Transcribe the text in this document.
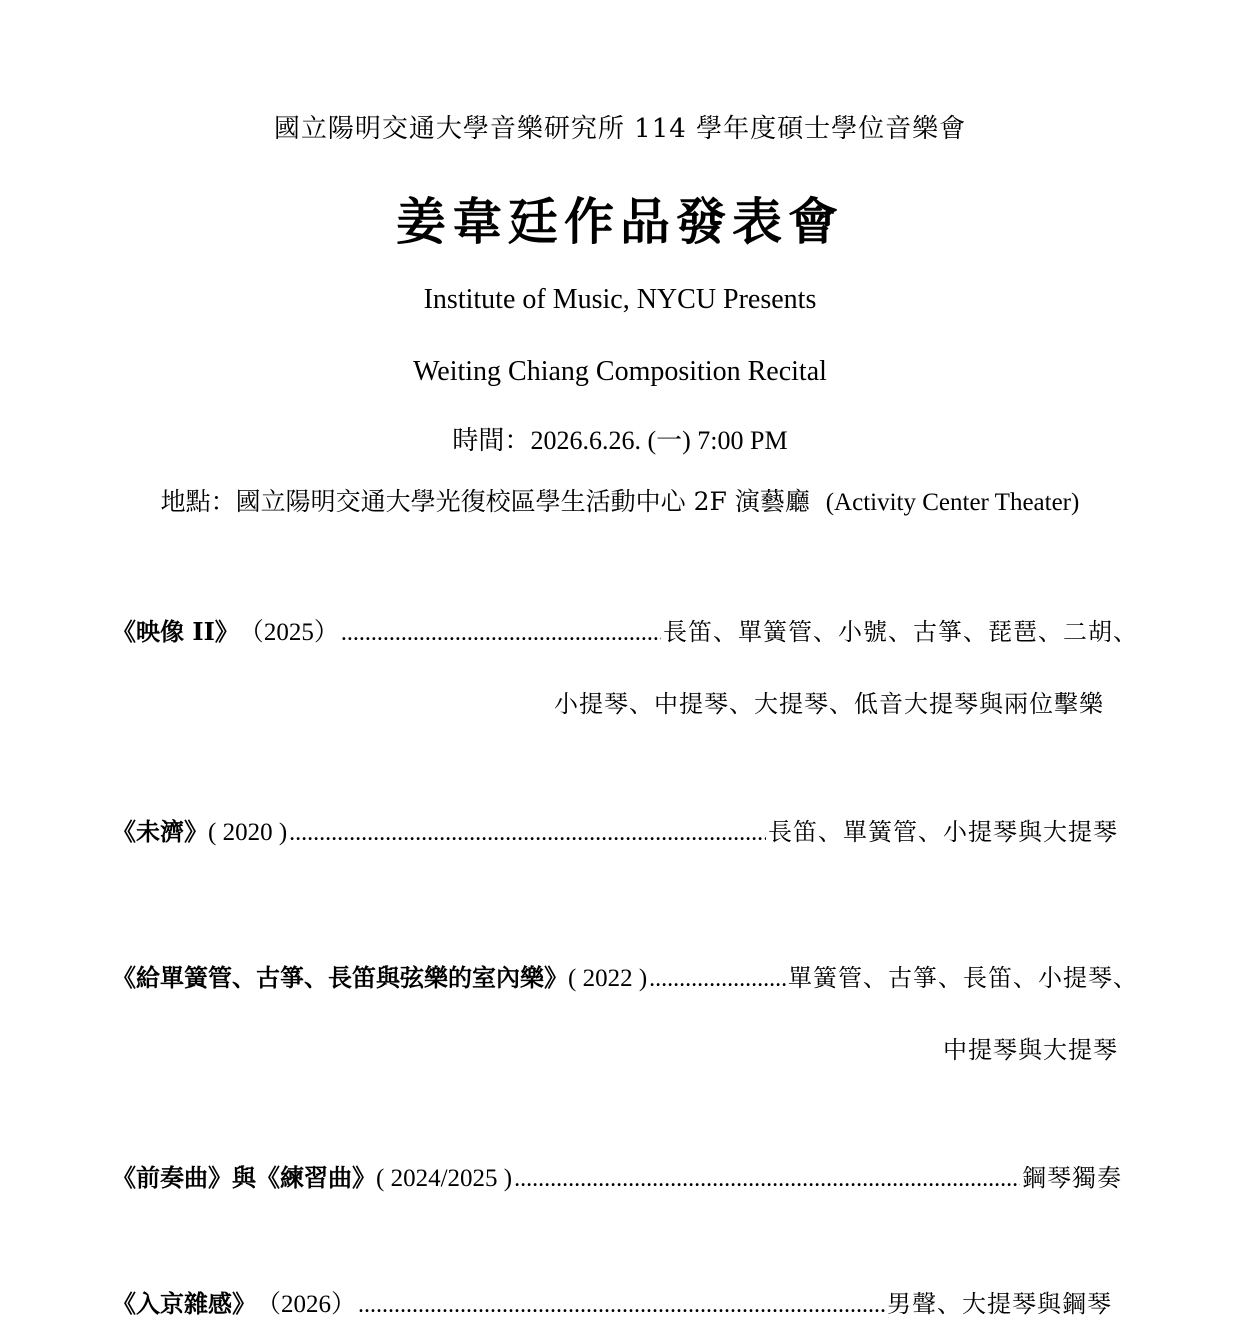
國立陽明交通大學音樂研究所 114 學年度碩士學位音樂會
姜韋廷作品發表會
Institute of Music, NYCU Presents
Weiting Chiang Composition Recital
時間：2026.6.26. (一) 7:00 PM
地點：國立陽明交通大學光復校區學生活動中心 2F 演藝廳 (Activity Center Theater)
《映像 II》 （2025） .....	長笛、單簧管、小號、古箏、琵琶、二胡、
小提琴、中提琴、大提琴、低音大提琴與兩位擊樂
《未濟》 ( 2020 ) .....	長笛、單簧管、小提琴與大提琴
《給單簧管、古箏、長笛與弦樂的室內樂》 ( 2022 ) .....	單簧管、古箏、長笛、小提琴、
中提琴與大提琴
《前奏曲》與《練習曲》 ( 2024/2025 ) .....	鋼琴獨奏
《入京雜感》 （2026） .....	男聲、大提琴與鋼琴
